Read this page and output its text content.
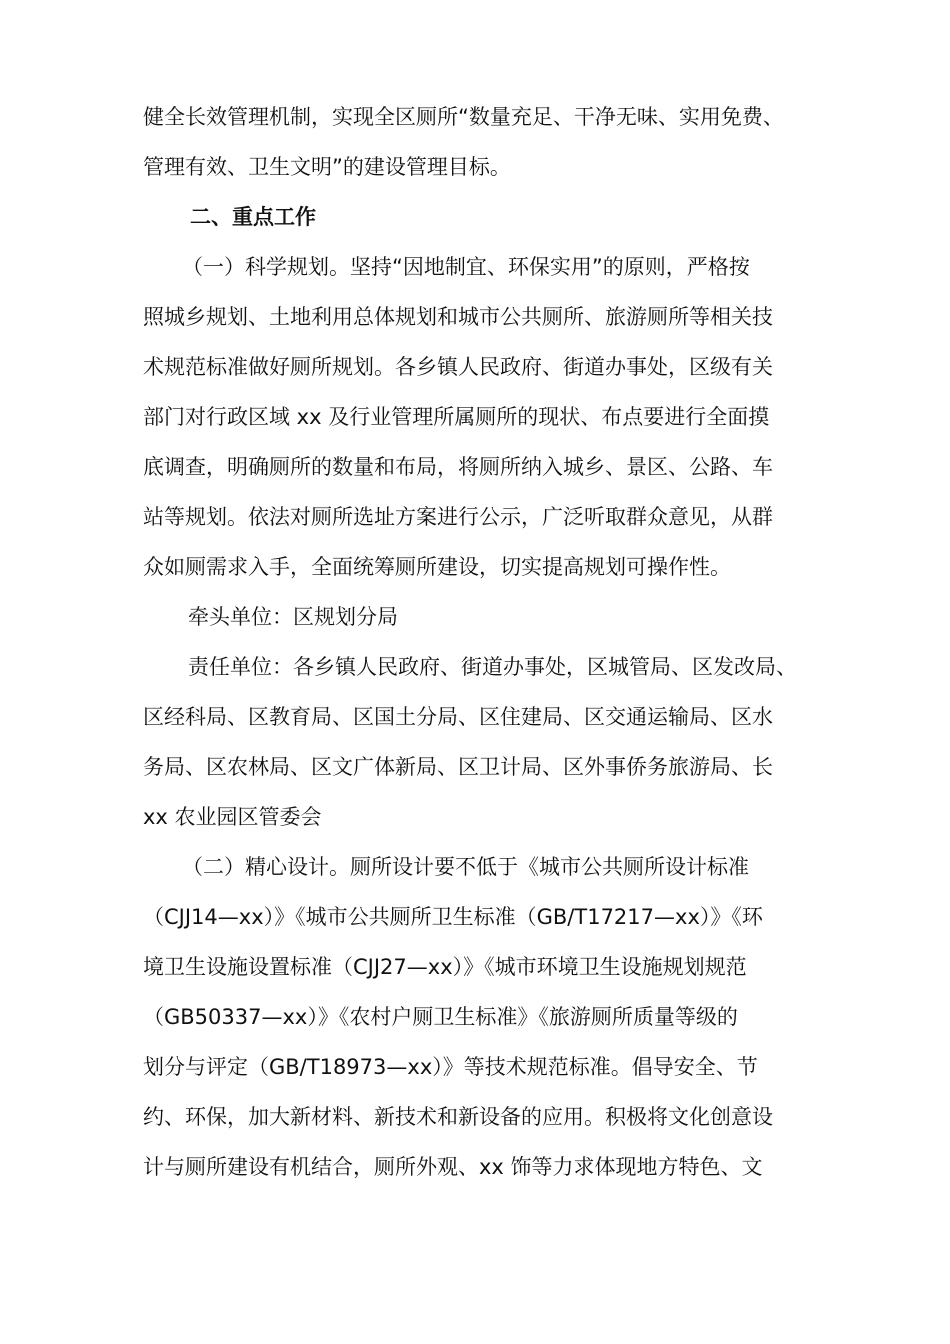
健全长效管理机制，实现全区厕所“数量充足、干净无味、实用免费、
管理有效、卫生文明”的建设管理目标。
二、重点工作
（一）科学规划。坚持“因地制宜、环保实用”的原则，严格按
照城乡规划、土地利用总体规划和城市公共厕所、旅游厕所等相关技
术规范标准做好厕所规划。各乡镇人民政府、街道办事处，区级有关
部门对行政区域 xx 及行业管理所属厕所的现状、布点要进行全面摸
底调查，明确厕所的数量和布局，将厕所纳入城乡、景区、公路、车
站等规划。依法对厕所选址方案进行公示，广泛听取群众意见，从群
众如厕需求入手，全面统筹厕所建设，切实提高规划可操作性。
牵头单位：区规划分局
责任单位：各乡镇人民政府、街道办事处，区城管局、区发改局、
区经科局、区教育局、区国土分局、区住建局、区交通运输局、区水
务局、区农林局、区文广体新局、区卫计局、区外事侨务旅游局、长
xx 农业园区管委会
（二）精心设计。厕所设计要不低于《城市公共厕所设计标准
（CJJ14—xx）》《城市公共厕所卫生标准（GB/T17217—xx）》《环
境卫生设施设置标准（CJJ27—xx）》《城市环境卫生设施规划规范
（GB50337—xx）》《农村户厕卫生标准》《旅游厕所质量等级的
划分与评定（GB/T18973—xx）》等技术规范标准。倡导安全、节
约、环保，加大新材料、新技术和新设备的应用。积极将文化创意设
计与厕所建设有机结合，厕所外观、xx 饰等力求体现地方特色、文
